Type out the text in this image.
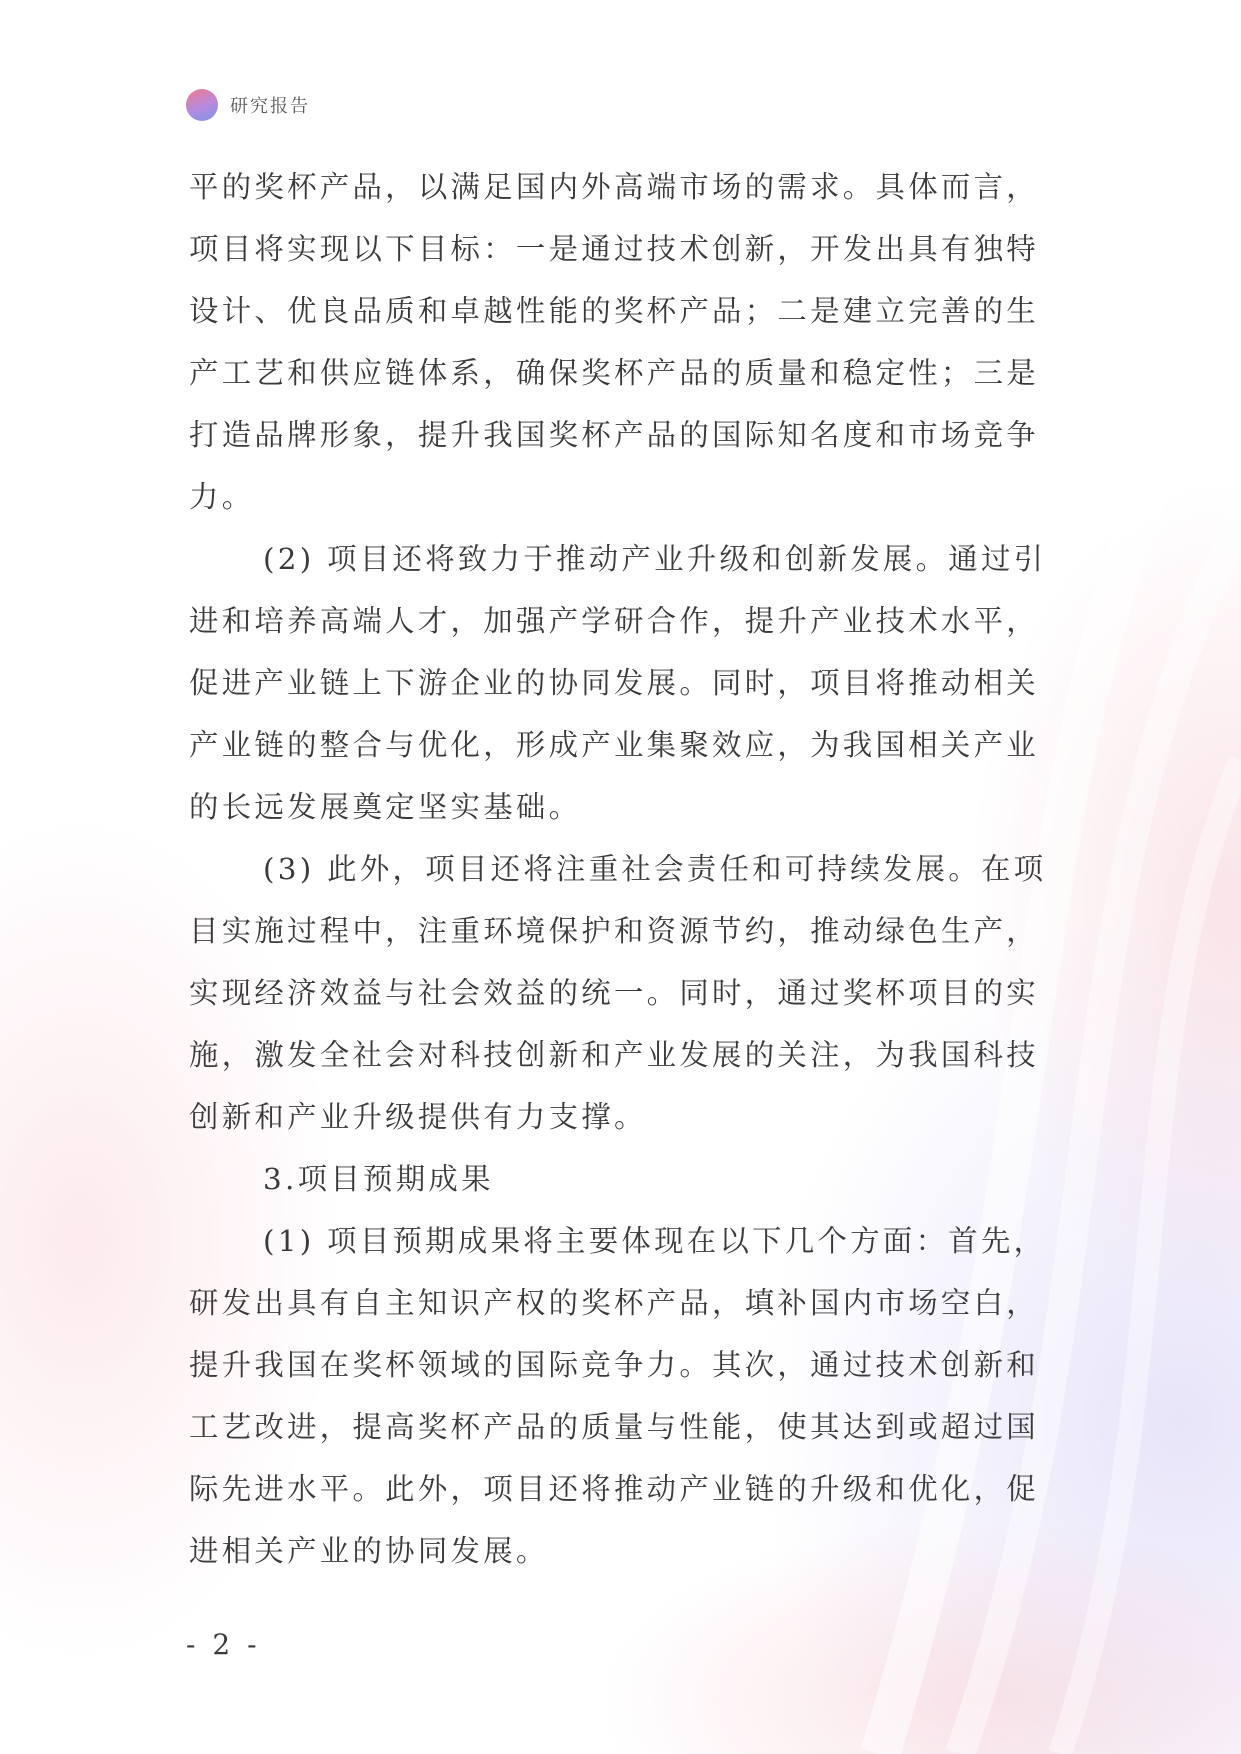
研究报告
平的奖杯产品，以满足国内外高端市场的需求。具体而言，
项目将实现以下目标：一是通过技术创新，开发出具有独特
设计、优良品质和卓越性能的奖杯产品；二是建立完善的生
产工艺和供应链体系，确保奖杯产品的质量和稳定性；三是
打造品牌形象，提升我国奖杯产品的国际知名度和市场竞争
力。
(2) 项目还将致力于推动产业升级和创新发展。通过引
进和培养高端人才，加强产学研合作，提升产业技术水平，
促进产业链上下游企业的协同发展。同时，项目将推动相关
产业链的整合与优化，形成产业集聚效应，为我国相关产业
的长远发展奠定坚实基础。
(3) 此外，项目还将注重社会责任和可持续发展。在项
目实施过程中，注重环境保护和资源节约，推动绿色生产，
实现经济效益与社会效益的统一。同时，通过奖杯项目的实
施，激发全社会对科技创新和产业发展的关注，为我国科技
创新和产业升级提供有力支撑。
3.项目预期成果
(1) 项目预期成果将主要体现在以下几个方面：首先，
研发出具有自主知识产权的奖杯产品，填补国内市场空白，
提升我国在奖杯领域的国际竞争力。其次，通过技术创新和
工艺改进，提高奖杯产品的质量与性能，使其达到或超过国
际先进水平。此外，项目还将推动产业链的升级和优化，促
进相关产业的协同发展。
- 2 -
